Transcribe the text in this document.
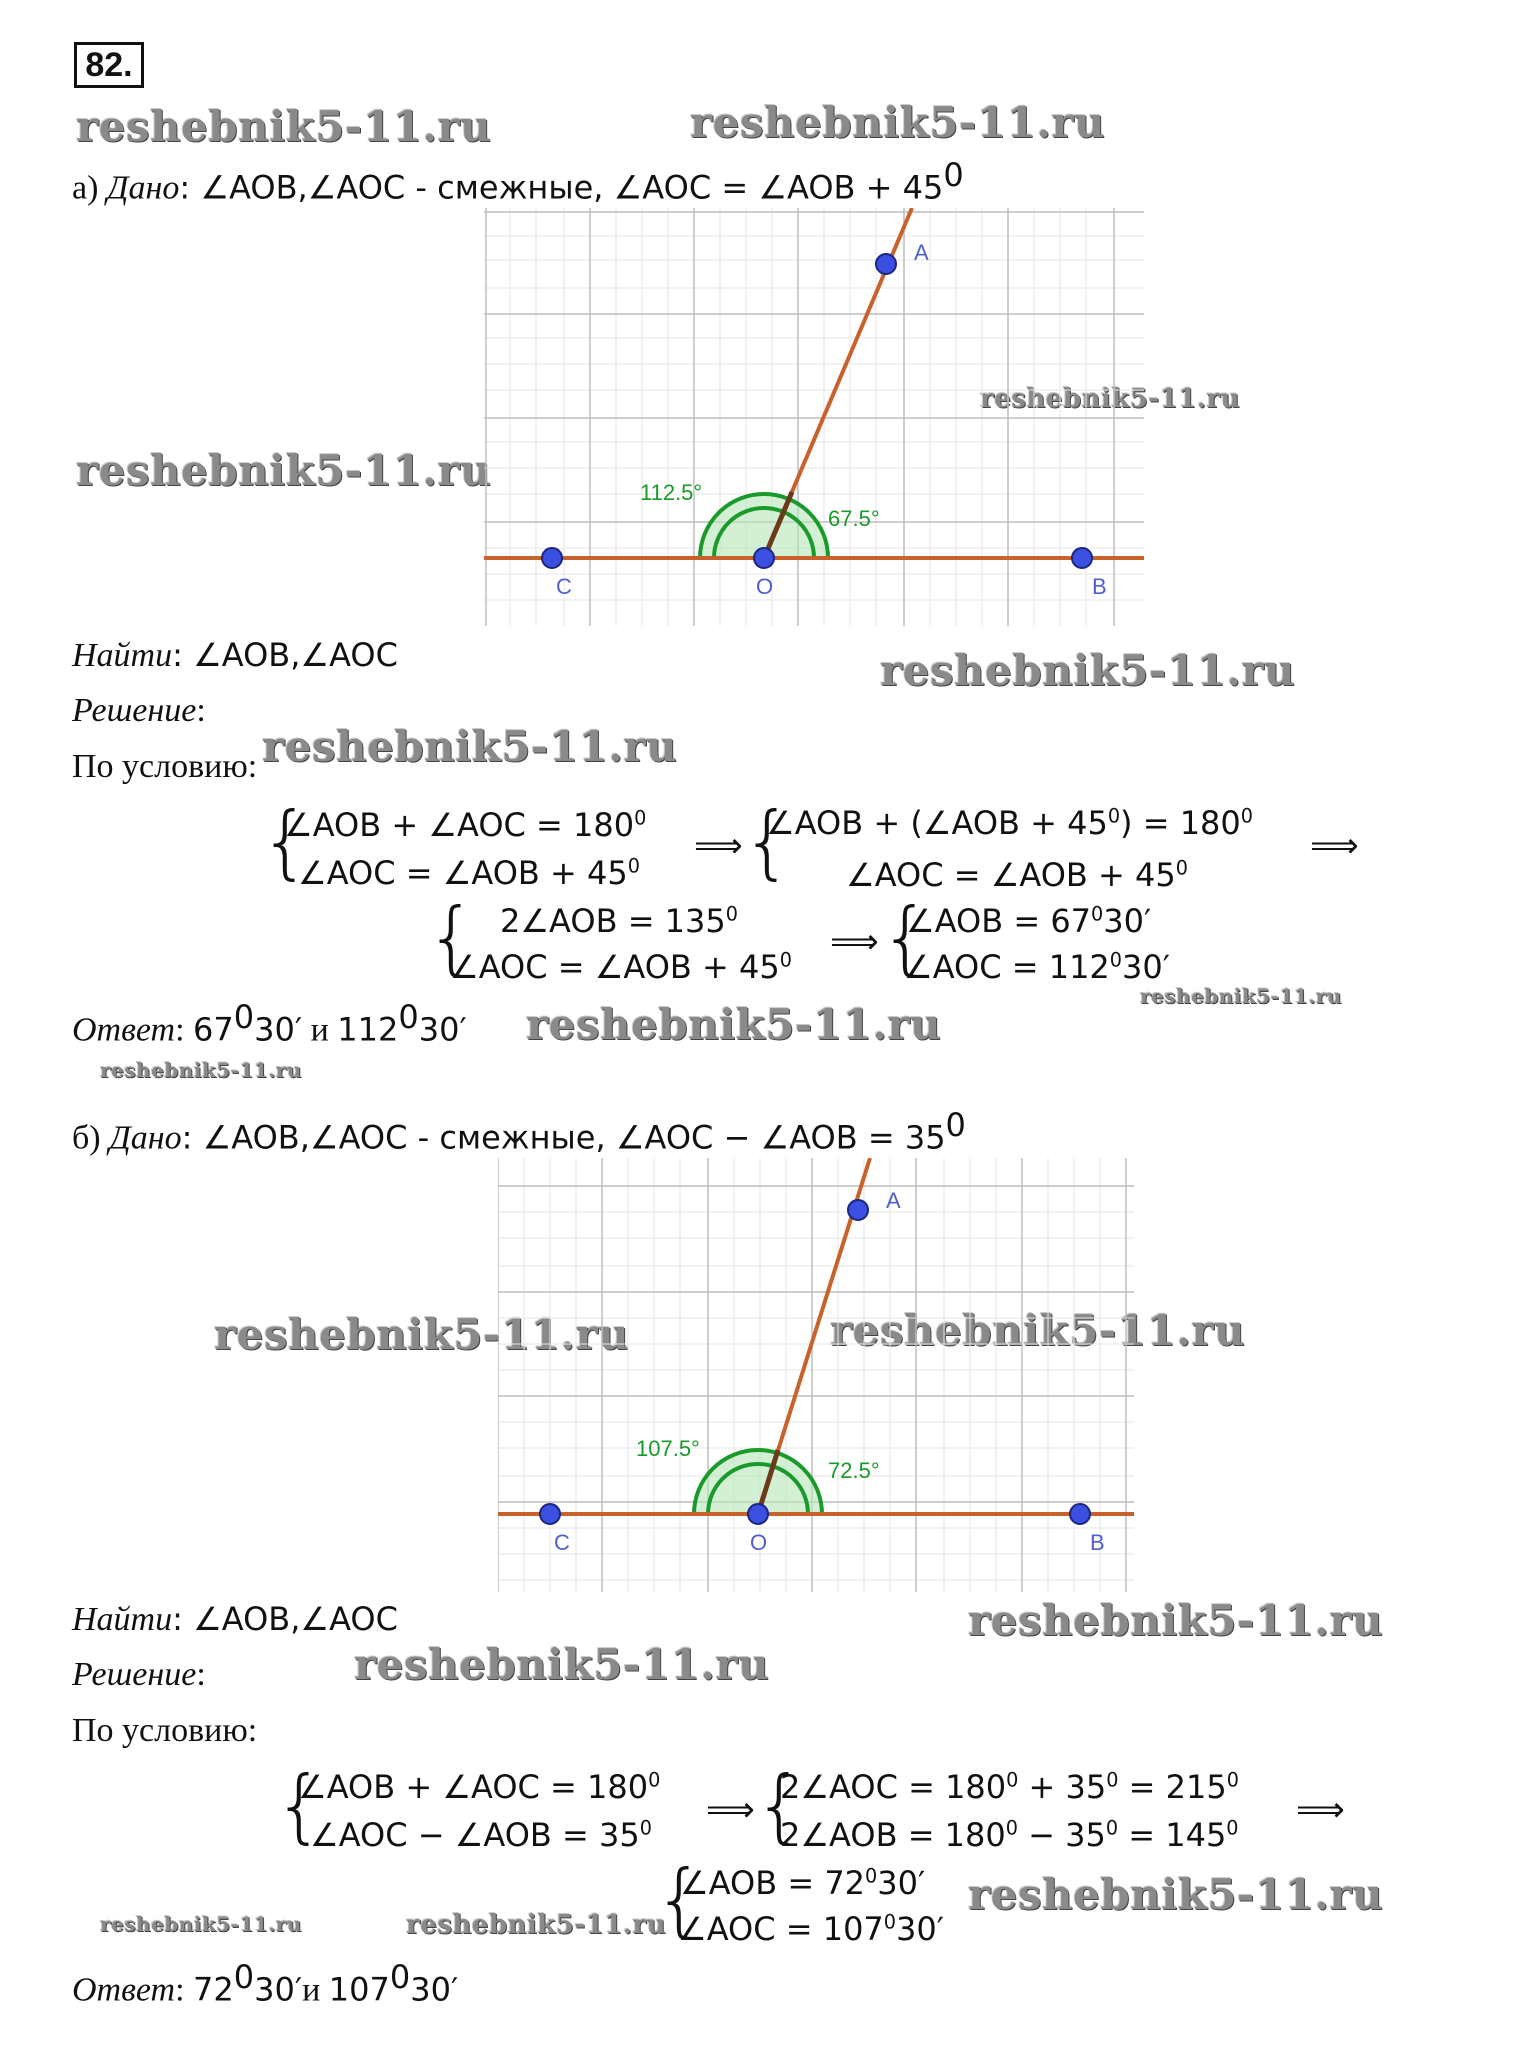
82.
reshebnik5-11.ru	reshebnik5-11.ru
reshebnik5-11.ru
reshebnik5-11.ru
reshebnik5-11.ru
reshebnik5-11.ru
reshebnik5-11.ru
reshebnik5-11.ru
reshebnik5-11.ru
reshebnik5-11.ru	reshebnik5-11.ru
reshebnik5-11.ru
reshebnik5-11.ru
reshebnik5-11.ru
reshebnik5-11.ru	reshebnik5-11.ru
а) Дано: ∠AOB,∠AOC - смежные, ∠AOC = ∠AOB + $45^0$
A
C	O	B
112.5°
67.5°
Найти: ∠AOB,∠AOC
Решение:
По условию:
{
∠AOB + ∠AOC = $180^0$
∠AOC = ∠AOB + $45^0$ ⟹ {
∠AOB + (∠AOB + $45^0) = 180^0$
∠AOC = ∠AOB + $45^0$
⟹
{ 2∠AOB = $135^0$
∠AOC = ∠AOB + $45^0$ ⟹ {
∠AOB = $67^030'$
∠AOC = $112^030'$
Ответ: $67^030'$ и $112^030'$
б) Дано: ∠AOB,∠AOC - смежные, ∠AOC − ∠AOB = $35^0$
A
C	O	B
107.5°
72.5°
Найти: ∠AOB,∠AOC
Решение:
По условию:
{
∠AOB + ∠AOC = $180^0$
∠AOC − ∠AOB = $35^0$ ⟹ {
2∠AOC = $180^0 + 35^0 = 215^0$
2∠AOB = $180^0 - 35^0 = 145^0$ ⟹
{
∠AOB = $72^030'$
∠AOC = $107^030'$
Ответ: $72^030'и$ $107^030'$
